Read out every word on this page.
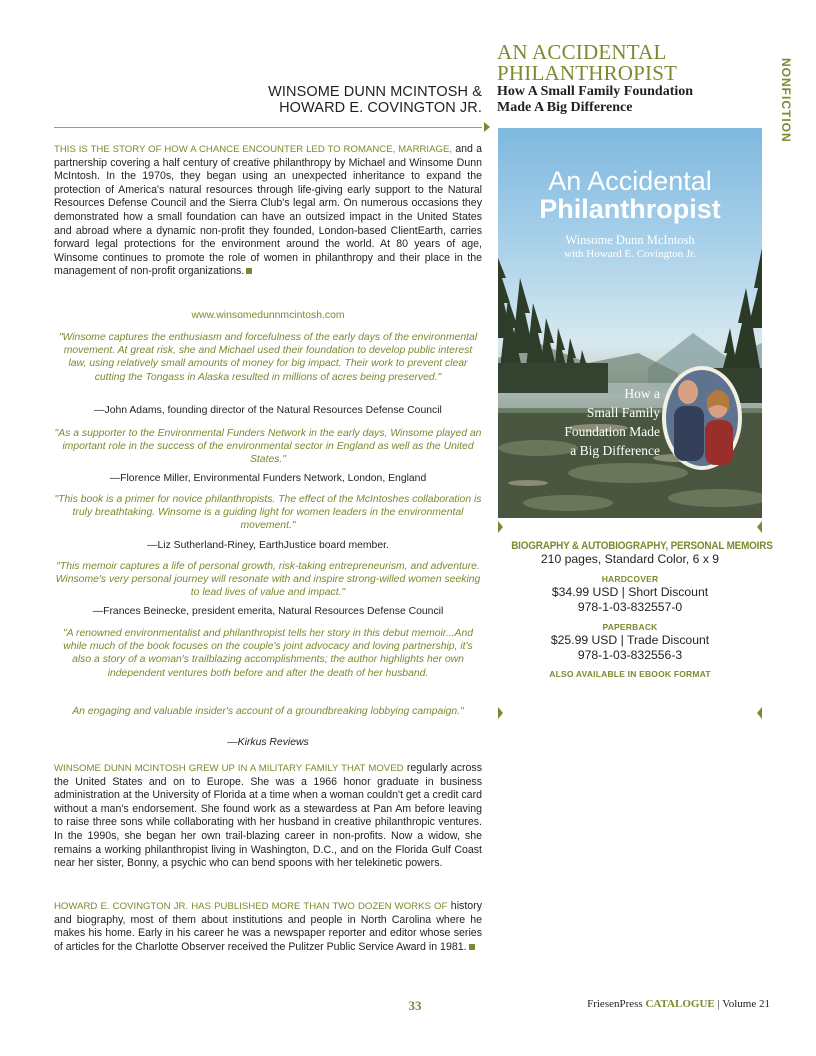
WINSOME DUNN MCINTOSH &
HOWARD E. COVINGTON JR.
AN ACCIDENTAL
PHILANTHROPIST
How A Small Family Foundation
Made A Big Difference	NONFICTION

THIS IS THE STORY OF HOW A CHANCE ENCOUNTER LED TO ROMANCE, MARRIAGE, and a partnership covering a half century of creative philanthropy by Michael and Winsome Dunn McIntosh. In the 1970s, they began using an unexpected inheritance to expand the protection of America's natural resources through life-giving early support to the Natural Resources Defense Council and the Sierra Club's legal arm. On numerous occasions they demonstrated how a small foundation can have an outsized impact in the United States and abroad where a dynamic non-profit they founded, London-based ClientEarth, carries forward legal protections for the environment around the world. At 80 years of age, Winsome continues to promote the role of women in philanthropy and their place in the management of non-profit organizations.

www.winsomedunnmcintosh.com
"Winsome captures the enthusiasm and forcefulness of the early days of the environmental movement. At great risk, she and Michael used their foundation to develop public interest law, using relatively small amounts of money for big impact. Their work to prevent clear cutting the Tongass in Alaska resulted in millions of acres being preserved."
—John Adams, founding director of the Natural Resources Defense Council
"As a supporter to the Environmental Funders Network in the early days, Winsome played an important role in the success of the environmental sector in England as well as the United States."
—Florence Miller, Environmental Funders Network, London, England
"This book is a primer for novice philanthropists. The effect of the McIntoshes collaboration is truly breathtaking. Winsome is a guiding light for women leaders in the environmental movement."
—Liz Sutherland-Riney, EarthJustice board member.
"This memoir captures a life of personal growth, risk-taking entrepreneurism, and adventure. Winsome's very personal journey will resonate with and inspire strong-willed women seeking to lead lives of value and impact."
—Frances Beinecke, president emerita, Natural Resources Defense Council
"A renowned environmentalist and philanthropist tells her story in this debut memoir...And while much of the book focuses on the couple's joint advocacy and loving partnership, it's also a story of a woman's trailblazing accomplishments; the author highlights her own independent ventures both before and after the death of her husband.
An engaging and valuable insider's account of a groundbreaking lobbying campaign."
—Kirkus Reviews

WINSOME DUNN MCINTOSH GREW UP IN A MILITARY FAMILY THAT MOVED regularly across the United States and on to Europe. She was a 1966 honor graduate in business administration at the University of Florida at a time when a woman couldn't get a credit card without a man's endorsement. She found work as a stewardess at Pan Am before leaving to raise three sons while collaborating with her husband in creative philanthropic ventures. In the 1990s, she began her own trail-blazing career in non-profits. Now a widow, she remains a working philanthropist living in Washington, D.C., and on the Florida Gulf Coast near her sister, Bonny, a psychic who can bend spoons with her telekinetic powers.

HOWARD E. COVINGTON JR. HAS PUBLISHED MORE THAN TWO DOZEN WORKS OF history and biography, most of them about institutions and people in North Carolina where he makes his home. Early in his career he was a newspaper reporter and editor whose series of articles for the Charlotte Observer received the Pulitzer Public Service Award in 1981.

An Accidental
Philanthropist
Winsome Dunn McIntosh
with Howard E. Covington Jr.
How a
Small Family
Foundation Made
a Big Difference
BIOGRAPHY & AUTOBIOGRAPHY, PERSONAL MEMOIRS
210 pages, Standard Color, 6 x 9
HARDCOVER
$34.99 USD | Short Discount
978-1-03-832557-0
PAPERBACK
$25.99 USD | Trade Discount
978-1-03-832556-3
ALSO AVAILABLE IN EBOOK FORMAT
33	FriesenPress CATALOGUE | Volume 21
